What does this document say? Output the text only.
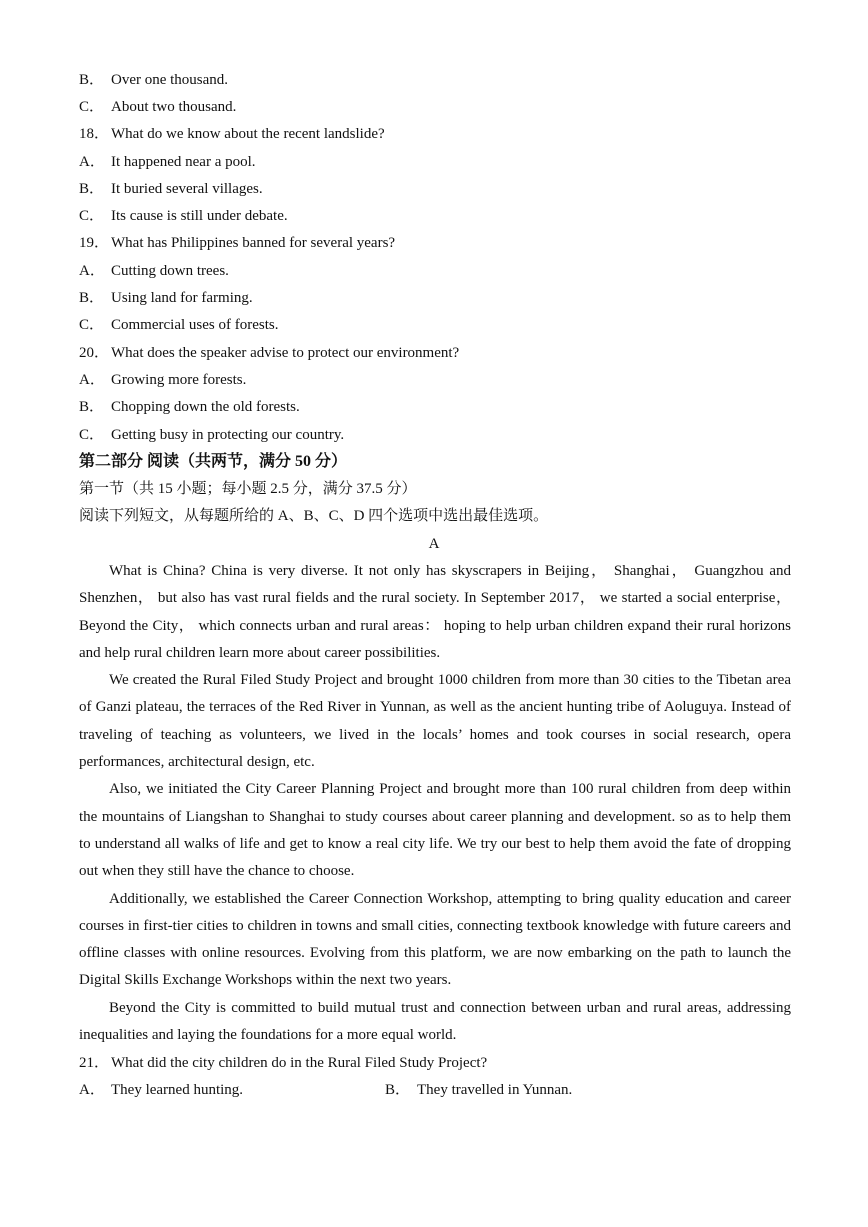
B． Over one thousand.
C． About two thousand.
18． What do we know about the recent landslide?
A． It happened near a pool.
B． It buried several villages.
C． Its cause is still under debate.
19． What has Philippines banned for several years?
A． Cutting down trees.
B． Using land for farming.
C． Commercial uses of forests.
20． What does the speaker advise to protect our environment?
A． Growing more forests.
B． Chopping down the old forests.
C． Getting busy in protecting our country.
第二部分 阅读（共两节，满分 50 分）
第一节（共 15 小题；每小题 2.5 分，满分 37.5 分）
阅读下列短文，从每题所给的 A、B、C、D 四个选项中选出最佳选项。
A

What is China? China is very diverse. It not only has skyscrapers in Beijing， Shanghai， Guangzhou and Shenzhen， but also has vast rural fields and the rural society. In September 2017， we started a social enterprise，Beyond the City， which connects urban and rural areas： hoping to help urban children expand their rural horizons and help rural children learn more about career possibilities.

We created the Rural Filed Study Project and brought 1000 children from more than 30 cities to the Tibetan area of Ganzi plateau, the terraces of the Red River in Yunnan, as well as the ancient hunting tribe of Aoluguya. Instead of traveling of teaching as volunteers, we lived in the locals’ homes and took courses in social research, opera performances, architectural design, etc.

Also, we initiated the City Career Planning Project and brought more than 100 rural children from deep within the mountains of Liangshan to Shanghai to study courses about career planning and development. so as to help them to understand all walks of life and get to know a real city life. We try our best to help them avoid the fate of dropping out when they still have the chance to choose.

Additionally, we established the Career Connection Workshop, attempting to bring quality education and career courses in first-tier cities to children in towns and small cities, connecting textbook knowledge with future careers and offline classes with online resources. Evolving from this platform, we are now embarking on the path to launch the Digital Skills Exchange Workshops within the next two years.

Beyond the City is committed to build mutual trust and connection between urban and rural areas, addressing inequalities and laying the foundations for a more equal world.

21． What did the city children do in the Rural Filed Study Project?
A． They learned hunting.	B． They travelled in Yunnan.
